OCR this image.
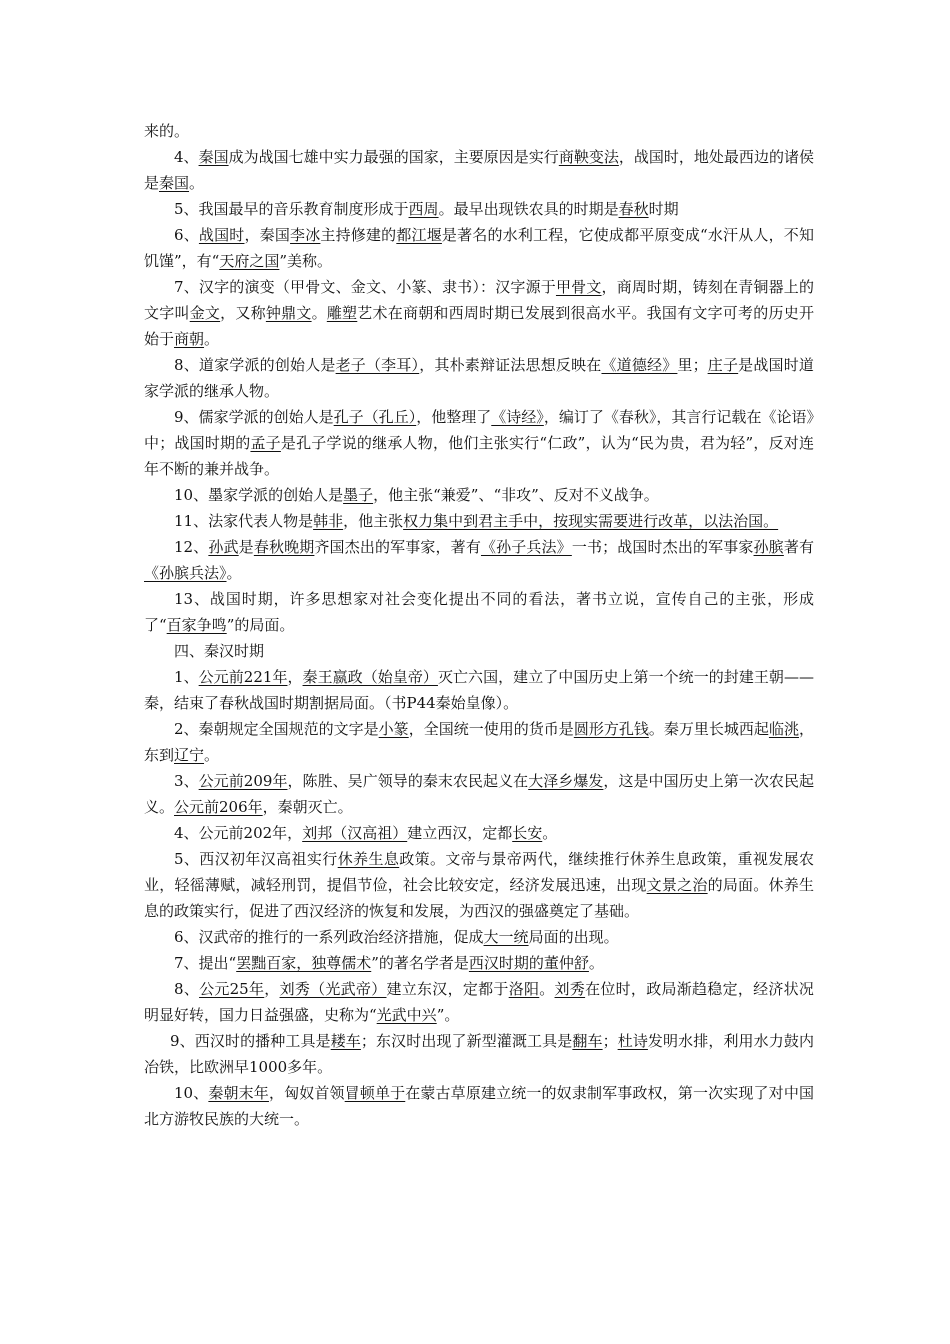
来的。

4、秦国成为战国七雄中实力最强的国家，主要原因是实行商鞅变法，战国时，地处最西边的诸侯是秦国。

5、我国最早的音乐教育制度形成于西周。最早出现铁农具的时期是春秋时期

6、战国时，秦国李冰主持修建的都江堰是著名的水利工程，它使成都平原变成“水汗从人，不知饥馑”，有“天府之国”美称。

7、汉字的演变（甲骨文、金文、小篆、隶书）：汉字源于甲骨文，商周时期，铸刻在青铜器上的文字叫金文，又称钟鼎文。雕塑艺术在商朝和西周时期已发展到很高水平。我国有文字可考的历史开始于商朝。

8、道家学派的创始人是老子（李耳），其朴素辩证法思想反映在《道德经》里；庄子是战国时道家学派的继承人物。

9、儒家学派的创始人是孔子（孔丘），他整理了《诗经》，编订了《春秋》，其言行记载在《论语》中；战国时期的孟子是孔子学说的继承人物，他们主张实行“仁政”，认为“民为贵，君为轻”，反对连年不断的兼并战争。

10、墨家学派的创始人是墨子，他主张“兼爱”、“非攻”、反对不义战争。

11、法家代表人物是韩非，他主张权力集中到君主手中，按现实需要进行改革，以法治国。

12、孙武是春秋晚期齐国杰出的军事家，著有《孙子兵法》一书；战国时杰出的军事家孙膑著有《孙膑兵法》。

13、战国时期，许多思想家对社会变化提出不同的看法，著书立说，宣传自己的主张，形成了“百家争鸣”的局面。

四、秦汉时期

1、公元前221年，秦王嬴政（始皇帝）灭亡六国，建立了中国历史上第一个统一的封建王朝——秦，结束了春秋战国时期割据局面。（书P44秦始皇像）。

2、秦朝规定全国规范的文字是小篆，全国统一使用的货币是圆形方孔钱。秦万里长城西起临洮，东到辽宁。

3、公元前209年，陈胜、吴广领导的秦末农民起义在大泽乡爆发，这是中国历史上第一次农民起义。公元前206年，秦朝灭亡。

4、公元前202年，刘邦（汉高祖）建立西汉，定都长安。

5、西汉初年汉高祖实行休养生息政策。文帝与景帝两代，继续推行休养生息政策，重视发展农业，轻徭薄赋，减轻刑罚，提倡节俭，社会比较安定，经济发展迅速，出现文景之治的局面。休养生息的政策实行，促进了西汉经济的恢复和发展，为西汉的强盛奠定了基础。

6、汉武帝的推行的一系列政治经济措施，促成大一统局面的出现。

7、提出“罢黜百家，独尊儒术”的著名学者是西汉时期的董仲舒。

8、公元25年，刘秀（光武帝）建立东汉，定都于洛阳。刘秀在位时，政局渐趋稳定，经济状况明显好转，国力日益强盛，史称为“光武中兴”。

9、西汉时的播种工具是耧车；东汉时出现了新型灌溉工具是翻车；杜诗发明水排，利用水力鼓内冶铁，比欧洲早1000多年。

10、秦朝末年，匈奴首领冒顿单于在蒙古草原建立统一的奴隶制军事政权，第一次实现了对中国北方游牧民族的大统一。
